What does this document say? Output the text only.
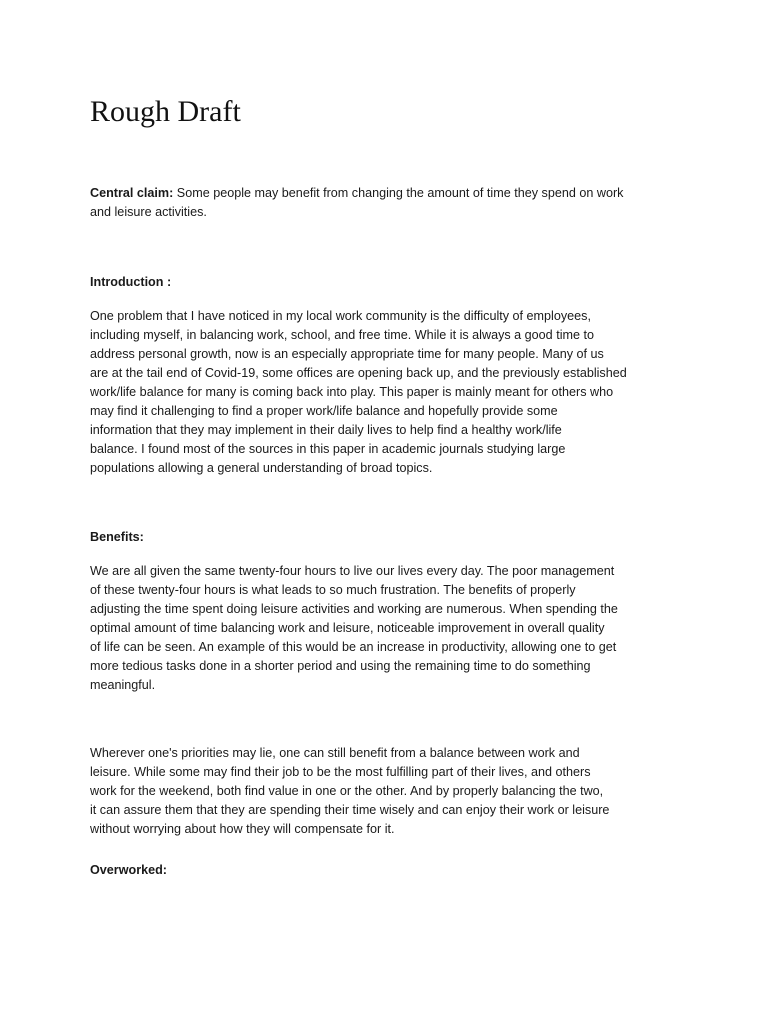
Rough Draft

Central claim: Some people may benefit from changing the amount of time they spend on work
and leisure activities.

Introduction :

One problem that I have noticed in my local work community is the difficulty of employees,
including myself, in balancing work, school, and free time. While it is always a good time to
address personal growth, now is an especially appropriate time for many people. Many of us
are at the tail end of Covid-19, some offices are opening back up, and the previously established
work/life balance for many is coming back into play. This paper is mainly meant for others who
may find it challenging to find a proper work/life balance and hopefully provide some
information that they may implement in their daily lives to help find a healthy work/life
balance. I found most of the sources in this paper in academic journals studying large
populations allowing a general understanding of broad topics.

Benefits:

We are all given the same twenty-four hours to live our lives every day. The poor management
of these twenty-four hours is what leads to so much frustration. The benefits of properly
adjusting the time spent doing leisure activities and working are numerous. When spending the
optimal amount of time balancing work and leisure, noticeable improvement in overall quality
of life can be seen. An example of this would be an increase in productivity, allowing one to get
more tedious tasks done in a shorter period and using the remaining time to do something
meaningful.

Wherever one's priorities may lie, one can still benefit from a balance between work and
leisure. While some may find their job to be the most fulfilling part of their lives, and others
work for the weekend, both find value in one or the other. And by properly balancing the two,
it can assure them that they are spending their time wisely and can enjoy their work or leisure
without worrying about how they will compensate for it.

Overworked:
